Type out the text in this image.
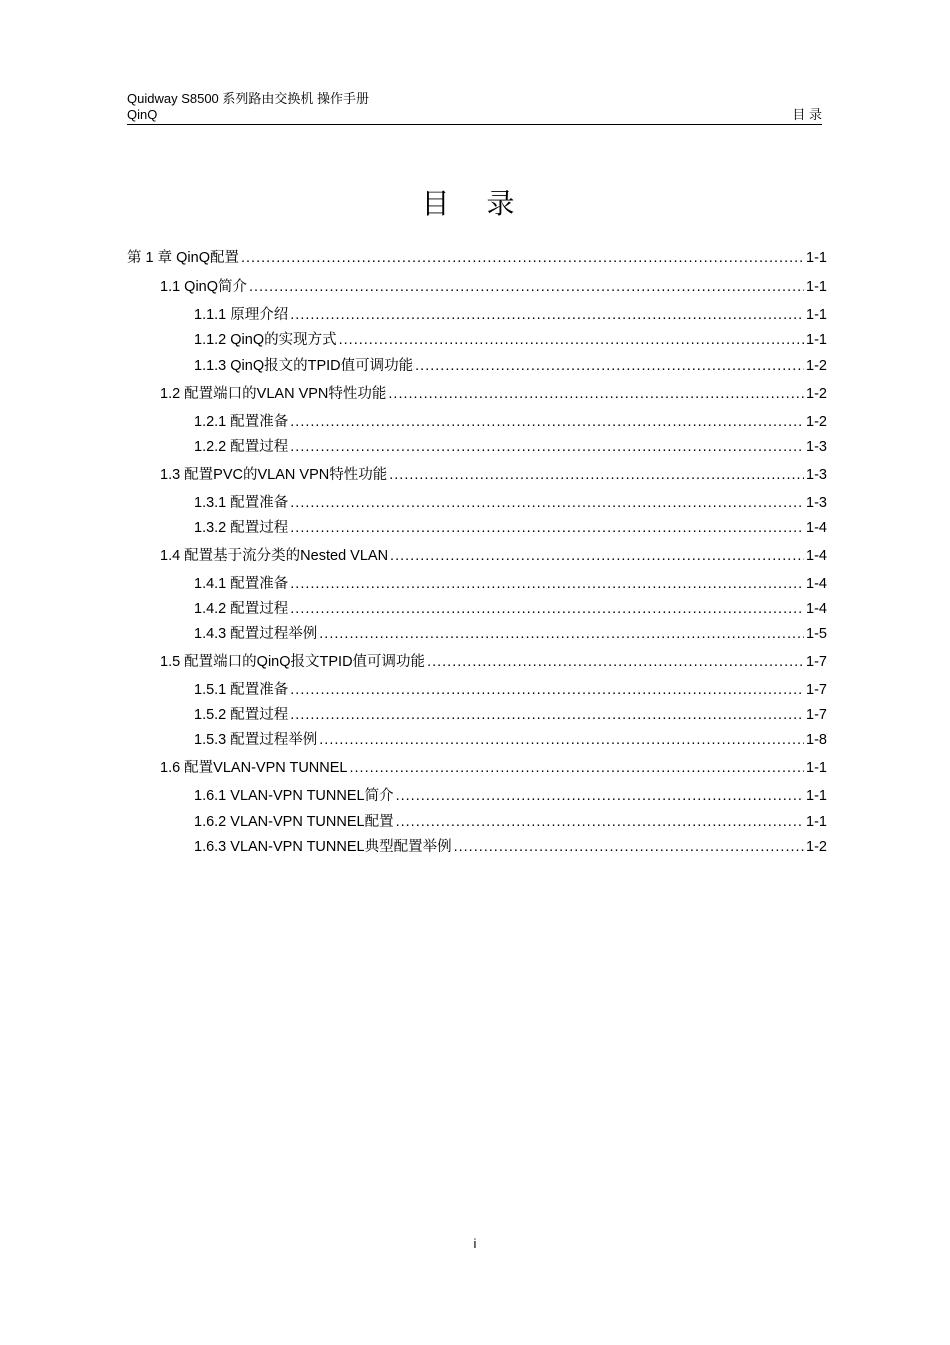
Quidway S8500 系列路由交换机 操作手册
QinQ	目 录
目 录
第 1 章 QinQ配置 .....	1-1
1.1 QinQ简介 .....	1-1
1.1.1 原理介绍 .....	1-1
1.1.2 QinQ的实现方式 .....	1-1
1.1.3 QinQ报文的TPID值可调功能 .....	1-2
1.2 配置端口的VLAN VPN特性功能 .....	1-2
1.2.1 配置准备 .....	1-2
1.2.2 配置过程 .....	1-3
1.3 配置PVC的VLAN VPN特性功能 .....	1-3
1.3.1 配置准备 .....	1-3
1.3.2 配置过程 .....	1-4
1.4 配置基于流分类的Nested VLAN .....	1-4
1.4.1 配置准备 .....	1-4
1.4.2 配置过程 .....	1-4
1.4.3 配置过程举例 .....	1-5
1.5 配置端口的QinQ报文TPID值可调功能 .....	1-7
1.5.1 配置准备 .....	1-7
1.5.2 配置过程 .....	1-7
1.5.3 配置过程举例 .....	1-8
1.6 配置VLAN-VPN TUNNEL .....	1-1
1.6.1 VLAN-VPN TUNNEL简介 .....	1-1
1.6.2 VLAN-VPN TUNNEL配置 .....	1-1
1.6.3 VLAN-VPN TUNNEL典型配置举例 .....	1-2
i
